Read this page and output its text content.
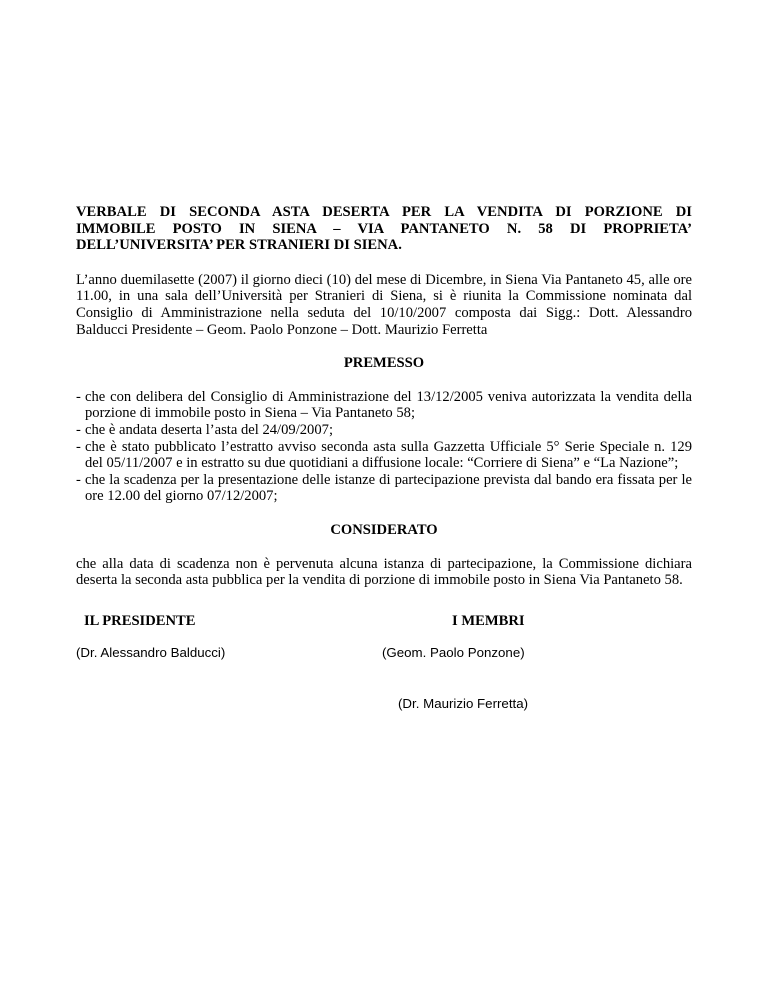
VERBALE DI SECONDA ASTA DESERTA PER LA VENDITA DI PORZIONE DI
IMMOBILE POSTO IN SIENA – VIA PANTANETO N. 58 DI PROPRIETA’
DELL’UNIVERSITA’ PER STRANIERI DI SIENA.

L’anno duemilasette (2007) il giorno dieci (10) del mese di Dicembre, in Siena Via Pantaneto 45, alle ore 11.00, in una sala dell’Università per Stranieri di Siena, si è riunita la Commissione nominata dal Consiglio di Amministrazione nella seduta del 10/10/2007 composta dai Sigg.: Dott. Alessandro Balducci Presidente – Geom. Paolo Ponzone – Dott. Maurizio Ferretta

PREMESSO
- che con delibera del Consiglio di Amministrazione del 13/12/2005 veniva autorizzata la vendita della porzione di immobile posto in Siena – Via Pantaneto 58;
- che è andata deserta l’asta del 24/09/2007;
- che è stato pubblicato l’estratto avviso seconda asta sulla Gazzetta Ufficiale 5° Serie Speciale n. 129 del 05/11/2007 e in estratto su due quotidiani a diffusione locale: “Corriere di Siena” e “La Nazione”;
- che la scadenza per la presentazione delle istanze di partecipazione prevista dal bando era fissata per le ore 12.00 del giorno 07/12/2007;
CONSIDERATO

che alla data di scadenza non è pervenuta alcuna istanza di partecipazione, la Commissione dichiara deserta la seconda asta pubblica per la vendita di porzione di immobile posto in Siena Via Pantaneto 58.

IL PRESIDENTE	I MEMBRI
(Dr. Alessandro Balducci)	(Geom. Paolo Ponzone)
(Dr. Maurizio Ferretta)
